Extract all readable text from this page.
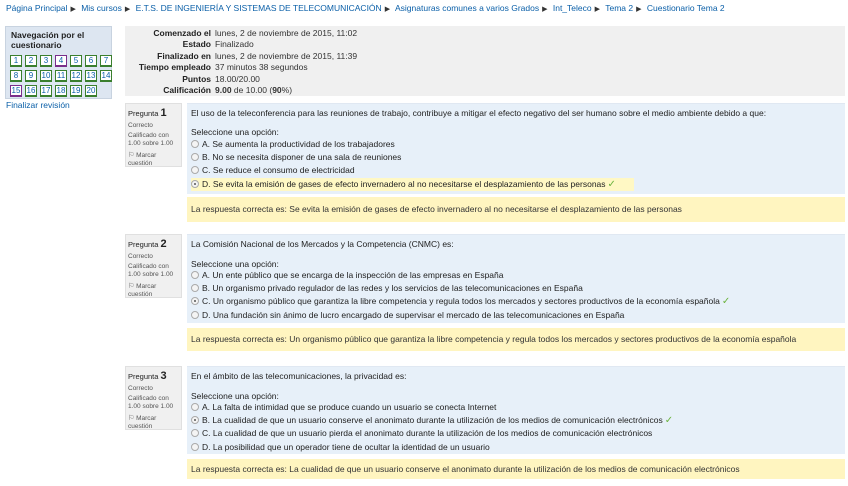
Página Principal ▶ Mis cursos ▶ E.T.S. DE INGENIERÍA Y SISTEMAS DE TELECOMUNICACIÓN ▶ Asignaturas comunes a varios Grados ▶ Int_Teleco ▶ Tema 2 ▶ Cuestionario Tema 2
Navegación por el cuestionario
1	2	3	4	5	6	7
8	9	10 11 12 13 14
15 16 17 18 19 20
Finalizar revisión
Comenzado el	lunes, 2 de noviembre de 2015, 11:02
Estado	Finalizado
Finalizado en	lunes, 2 de noviembre de 2015, 11:39
Tiempo empleado	37 minutos 38 segundos
Puntos	18.00/20.00
Calificación	9.00 de 10.00 (90%)
Pregunta 1
Correcto
Calificado con 1.00 sobre 1.00
⚐ Marcar cuestión
El uso de la teleconferencia para las reuniones de trabajo, contribuye a mitigar el efecto negativo del ser humano sobre el medio ambiente debido a que:
Seleccione una opción:
A. Se aumenta la productividad de los trabajadores
B. No se necesita disponer de una sala de reuniones
C. Se reduce el consumo de electricidad
D. Se evita la emisión de gases de efecto invernadero al no necesitarse el desplazamiento de las personas ✓
La respuesta correcta es: Se evita la emisión de gases de efecto invernadero al no necesitarse el desplazamiento de las personas
Pregunta 2
Correcto
Calificado con 1.00 sobre 1.00
⚐ Marcar cuestión
La Comisión Nacional de los Mercados y la Competencia (CNMC) es:
Seleccione una opción:
A. Un ente público que se encarga de la inspección de las empresas en España
B. Un organismo privado regulador de las redes y los servicios de las telecomunicaciones en España
C. Un organismo público que garantiza la libre competencia y regula todos los mercados y sectores productivos de la economía española ✓
D. Una fundación sin ánimo de lucro encargado de supervisar el mercado de las telecomunicaciones en España
La respuesta correcta es: Un organismo público que garantiza la libre competencia y regula todos los mercados y sectores productivos de la economía española
Pregunta 3
Correcto
Calificado con 1.00 sobre 1.00
⚐ Marcar cuestión
En el ámbito de las telecomunicaciones, la privacidad es:
Seleccione una opción:
A. La falta de intimidad que se produce cuando un usuario se conecta Internet
B. La cualidad de que un usuario conserve el anonimato durante la utilización de los medios de comunicación electrónicos ✓
C. La cualidad de que un usuario pierda el anonimato durante la utilización de los medios de comunicación electrónicos
D. La posibilidad que un operador tiene de ocultar la identidad de un usuario
La respuesta correcta es: La cualidad de que un usuario conserve el anonimato durante la utilización de los medios de comunicación electrónicos
